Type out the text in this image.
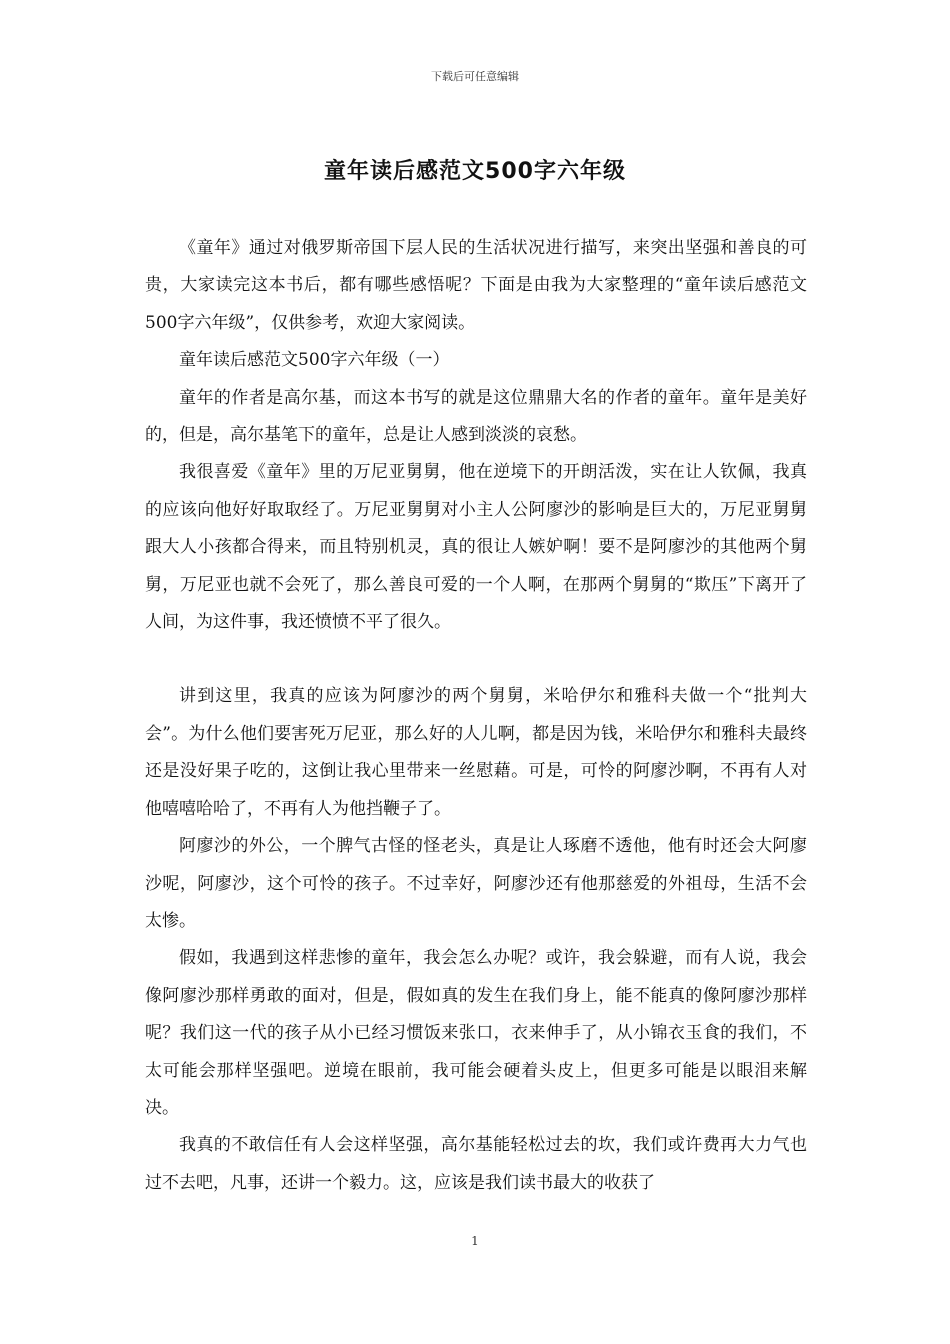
下载后可任意编辑
童年读后感范文500字六年级

《童年》通过对俄罗斯帝国下层人民的生活状况进行描写，来突出坚强和善良的可贵，大家读完这本书后，都有哪些感悟呢？下面是由我为大家整理的“童年读后感范文500字六年级”，仅供参考，欢迎大家阅读。

童年读后感范文500字六年级（一）

童年的作者是高尔基，而这本书写的就是这位鼎鼎大名的作者的童年。童年是美好的，但是，高尔基笔下的童年，总是让人感到淡淡的哀愁。

我很喜爱《童年》里的万尼亚舅舅，他在逆境下的开朗活泼，实在让人钦佩，我真的应该向他好好取取经了。万尼亚舅舅对小主人公阿廖沙的影响是巨大的，万尼亚舅舅跟大人小孩都合得来，而且特别机灵，真的很让人嫉妒啊！要不是阿廖沙的其他两个舅舅，万尼亚也就不会死了，那么善良可爱的一个人啊，在那两个舅舅的“欺压”下离开了人间，为这件事，我还愤愤不平了很久。

讲到这里，我真的应该为阿廖沙的两个舅舅，米哈伊尔和雅科夫做一个“批判大会”。为什么他们要害死万尼亚，那么好的人儿啊，都是因为钱，米哈伊尔和雅科夫最终还是没好果子吃的，这倒让我心里带来一丝慰藉。可是，可怜的阿廖沙啊，不再有人对他嘻嘻哈哈了，不再有人为他挡鞭子了。

阿廖沙的外公，一个脾气古怪的怪老头，真是让人琢磨不透他，他有时还会大阿廖沙呢，阿廖沙，这个可怜的孩子。不过幸好，阿廖沙还有他那慈爱的外祖母，生活不会太惨。

假如，我遇到这样悲惨的童年，我会怎么办呢？或许，我会躲避，而有人说，我会像阿廖沙那样勇敢的面对，但是，假如真的发生在我们身上，能不能真的像阿廖沙那样呢？我们这一代的孩子从小已经习惯饭来张口，衣来伸手了，从小锦衣玉食的我们，不太可能会那样坚强吧。逆境在眼前，我可能会硬着头皮上，但更多可能是以眼泪来解决。

我真的不敢信任有人会这样坚强，高尔基能轻松过去的坎，我们或许费再大力气也过不去吧，凡事，还讲一个毅力。这，应该是我们读书最大的收获了

1
